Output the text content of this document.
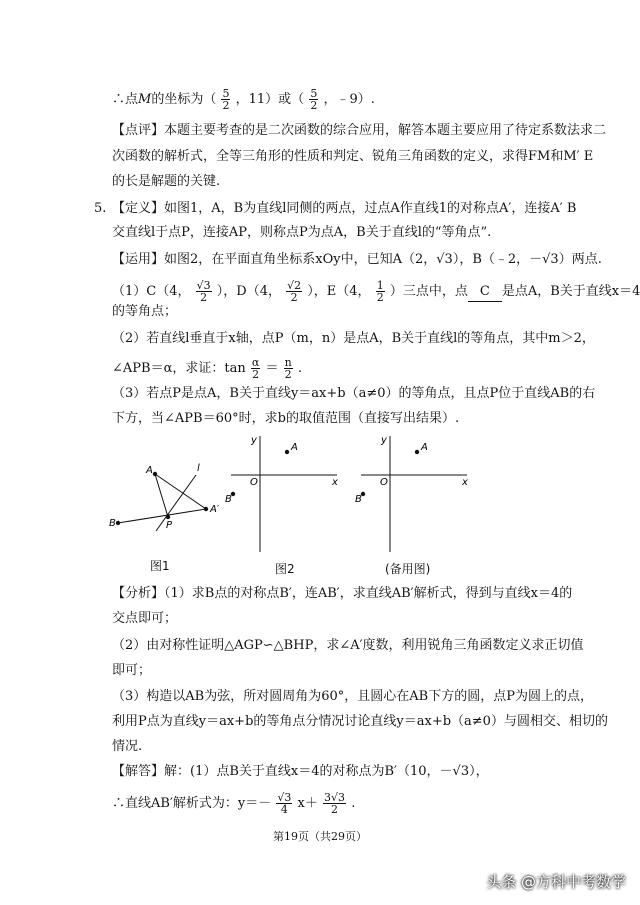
∴点M的坐标为（ $\frac{5}{2}$ ，11）或（ $\frac{5}{2}$ ，﹣9）.
【点评】本题主要考查的是二次函数的综合应用，解答本题主要应用了待定系数法求二
次函数的解析式，全等三角形的性质和判定、锐角三角函数的定义，求得FM和M′ E
的长是解题的关键.
5. 【定义】如图1，A，B为直线l同侧的两点，过点A作直线1的对称点A′，连接A′ B
交直线l于点P，连接AP，则称点P为点A，B关于直线l的“等角点”.
【运用】如图2，在平面直角坐标系xOy中，已知A（2，√3），B（﹣2，－√3）两点.
（1）C（4， $\frac{√3}{2}$ ），D（4， $\frac{√2}{2}$ ），E（4， $\frac{1}{2}$ ）三点中，点 C 是点A，B关于直线x＝4
的等角点；
（2）若直线l垂直于x轴，点P（m，n）是点A，B关于直线l的等角点，其中m＞2，
∠APB＝α，求证：$\tan \frac{\alpha}{2} = \frac{n}{2}$ .
（3）若点P是点A，B关于直线y＝ax+b（a≠0）的等角点，且点P位于直线AB的右
下方，当∠APB＝60°时，求b的取值范围（直接写出结果）.
A
B	P
A′
l
图1
y
x
O
A
B
图2
y
x
O
A
B
(备用图)
【分析】（1）求B点的对称点B′，连AB′，求直线AB′解析式，得到与直线x＝4的
交点即可；
（2）由对称性证明△AGP∽△BHP，求∠A′度数，利用锐角三角函数定义求正切值
即可；
（3）构造以AB为弦，所对圆周角为60°，且圆心在AB下方的圆，点P为圆上的点，
利用P点为直线y＝ax+b的等角点分情况讨论直线y＝ax+b（a≠0）与圆相交、相切的
情况.
【解答】解：(1）点B关于直线x＝4的对称点为B′（10，－√3），
∴直线AB′解析式为：$y=- \frac{√3}{4} x+ \frac{3√3}{2}$ .
第19页（共29页）
头条 @方科中考数学
